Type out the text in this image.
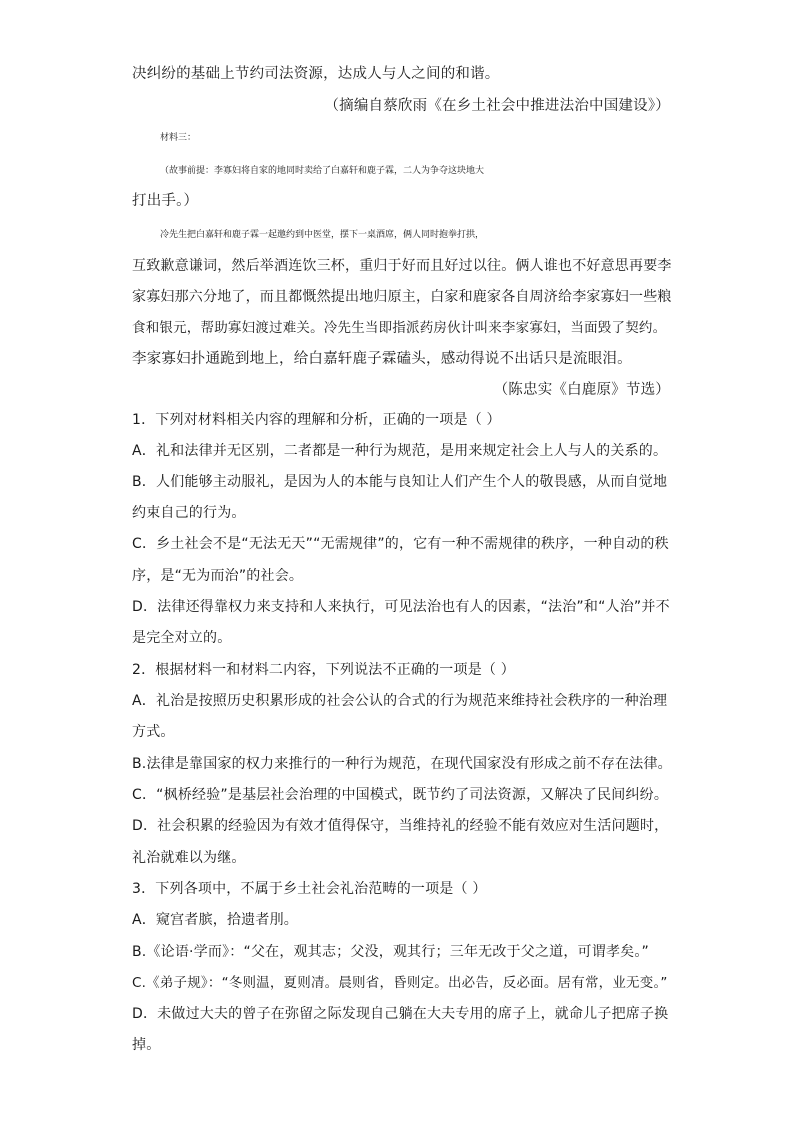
决纠纷的基础上节约司法资源，达成人与人之间的和谐。
（摘编自蔡欣雨《在乡土社会中推进法治中国建设》）
材料三：
（故事前提：李寡妇将自家的地同时卖给了白嘉轩和鹿子霖，二人为争夺这块地大
打出手。）
冷先生把白嘉轩和鹿子霖一起邀约到中医堂，摆下一桌酒席，俩人同时抱拳打拱，
互致歉意谦词，然后举酒连饮三杯，重归于好而且好过以往。俩人谁也不好意思再要李
家寡妇那六分地了，而且都慨然提出地归原主，白家和鹿家各自周济给李家寡妇一些粮
食和银元，帮助寡妇渡过难关。冷先生当即指派药房伙计叫来李家寡妇，当面毁了契约。
李家寡妇扑通跪到地上，给白嘉轩鹿子霖磕头，感动得说不出话只是流眼泪。
（陈忠实《白鹿原》节选）
1．下列对材料相关内容的理解和分析，正确的一项是（ ）
A．礼和法律并无区别，二者都是一种行为规范，是用来规定社会上人与人的关系的。
B．人们能够主动服礼，是因为人的本能与良知让人们产生个人的敬畏感，从而自觉地
约束自己的行为。
C．乡土社会不是“无法无天”“无需规律”的，它有一种不需规律的秩序，一种自动的秩
序，是“无为而治”的社会。
D．法律还得靠权力来支持和人来执行，可见法治也有人的因素，“法治”和“人治”并不
是完全对立的。
2．根据材料一和材料二内容，下列说法不正确的一项是（ ）
A．礼治是按照历史积累形成的社会公认的合式的行为规范来维持社会秩序的一种治理
方式。
B.法律是靠国家的权力来推行的一种行为规范，在现代国家没有形成之前不存在法律。
C．“枫桥经验”是基层社会治理的中国模式，既节约了司法资源，又解决了民间纠纷。
D．社会积累的经验因为有效才值得保守，当维持礼的经验不能有效应对生活问题时，
礼治就难以为继。
3．下列各项中，不属于乡土社会礼治范畴的一项是（ ）
A．窥宫者膑，拾遗者刖。
B.《论语·学而》：“父在，观其志；父没，观其行；三年无改于父之道，可谓孝矣。”
C.《弟子规》：“冬则温，夏则凊。晨则省，昏则定。出必告，反必面。居有常，业无变。”
D．未做过大夫的曾子在弥留之际发现自己躺在大夫专用的席子上，就命儿子把席子换
掉。
